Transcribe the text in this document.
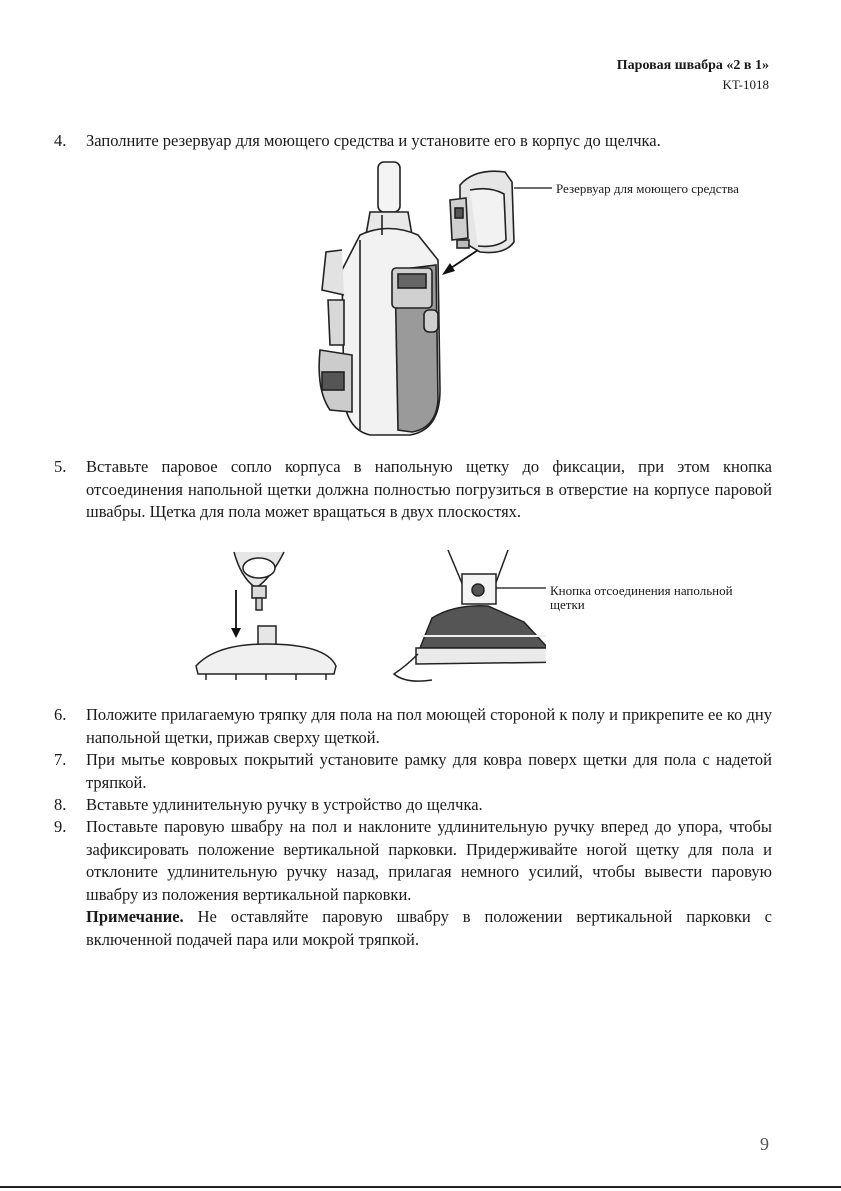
Паровая швабра «2 в 1»
KT-1018
4.	Заполните резервуар для моющего средства и установите его в корпус до щелчка.
Резервуар для моющего средства
5.	Вставьте паровое сопло корпуса в напольную щетку до фиксации, при этом кнопка отсоединения напольной щетки должна полностью погрузиться в отверстие на корпусе паровой швабры. Щетка для пола может вращаться в двух плоскостях.
Кнопка отсоединения напольной щетки
6.	Положите прилагаемую тряпку для пола на пол моющей стороной к полу и прикрепите ее ко дну напольной щетки, прижав сверху щеткой.
7.	При мытье ковровых покрытий установите рамку для ковра поверх щетки для пола с надетой тряпкой.
8.	Вставьте удлинительную ручку в устройство до щелчка.
9.	Поставьте паровую швабру на пол и наклоните удлинительную ручку вперед до упора, чтобы зафиксировать положение вертикальной парковки. Придерживайте ногой щетку для пола и отклоните удлинительную ручку назад, прилагая немного усилий, чтобы вывести паровую швабру из положения вертикальной парковки.
Примечание. Не оставляйте паровую швабру в положении вертикальной парковки с включенной подачей пара или мокрой тряпкой.
9
